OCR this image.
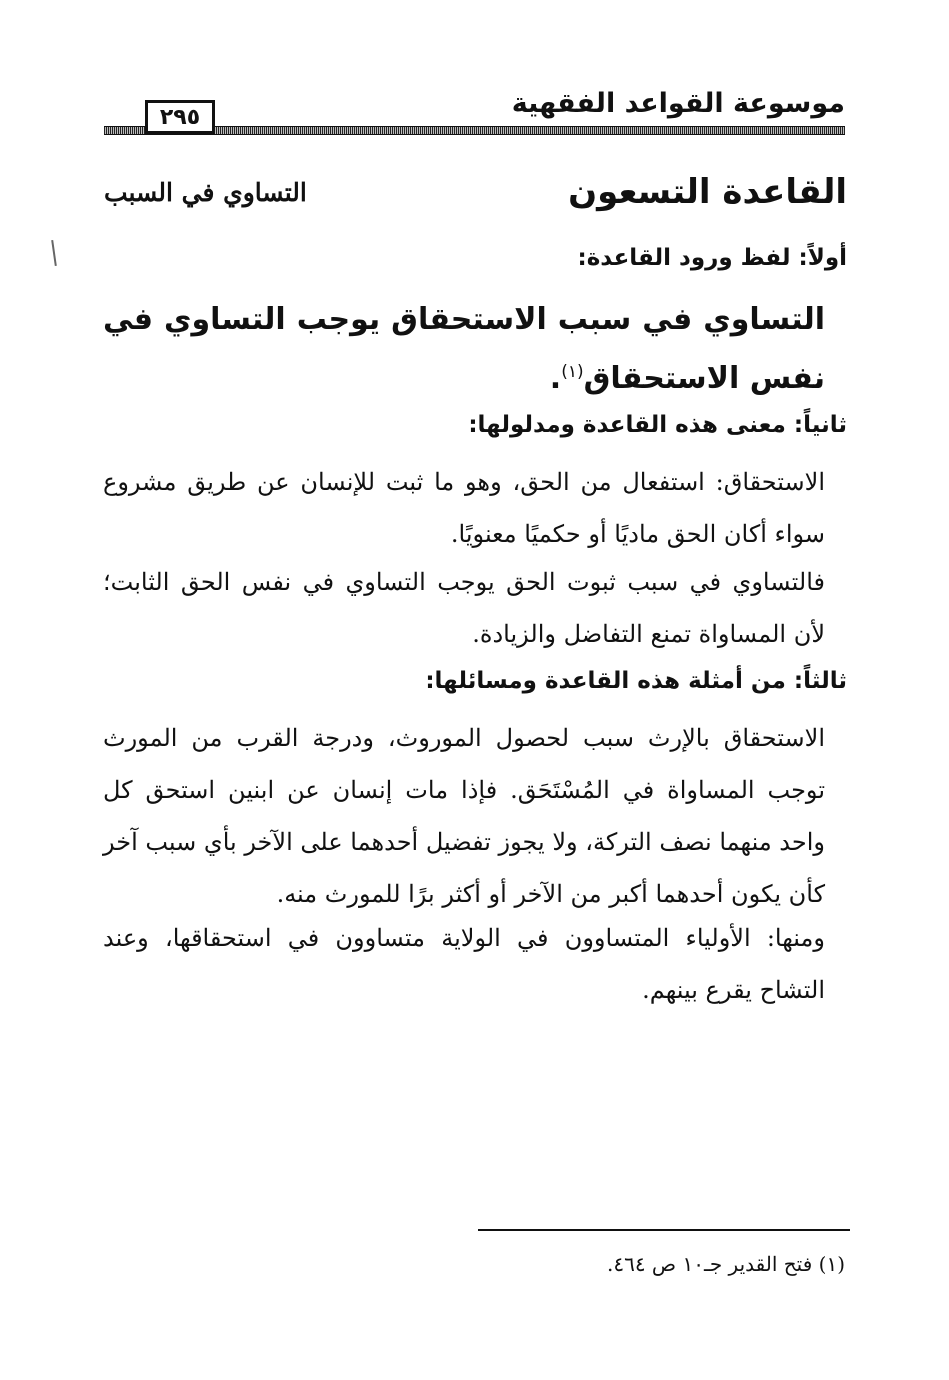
موسوعة القواعد الفقهية
٢٩٥
القاعدة التسعون
التساوي في السبب
أولاً: لفظ ورود القاعدة:
التساوي في سبب الاستحقاق يوجب التساوي في نفس الاستحقاق$^{(١)}$.
ثانياً: معنى هذه القاعدة ومدلولها:
الاستحقاق: استفعال من الحق، وهو ما ثبت للإنسان عن طريق مشروع سواء أكان الحق ماديًا أو حكميًا معنويًا.
فالتساوي في سبب ثبوت الحق يوجب التساوي في نفس الحق الثابت؛ لأن المساواة تمنع التفاضل والزيادة.
ثالثاً: من أمثلة هذه القاعدة ومسائلها:
الاستحقاق بالإرث سبب لحصول الموروث، ودرجة القرب من المورث توجب المساواة في المُسْتَحَق. فإذا مات إنسان عن ابنين استحق كل واحد منهما نصف التركة، ولا يجوز تفضيل أحدهما على الآخر بأي سبب آخر كأن يكون أحدهما أكبر من الآخر أو أكثر برًا للمورث منه.
ومنها: الأولياء المتساوون في الولاية متساوون في استحقاقها، وعند التشاح يقرع بينهم.
(١) فتح القدير جـ١٠ ص ٤٦٤.
